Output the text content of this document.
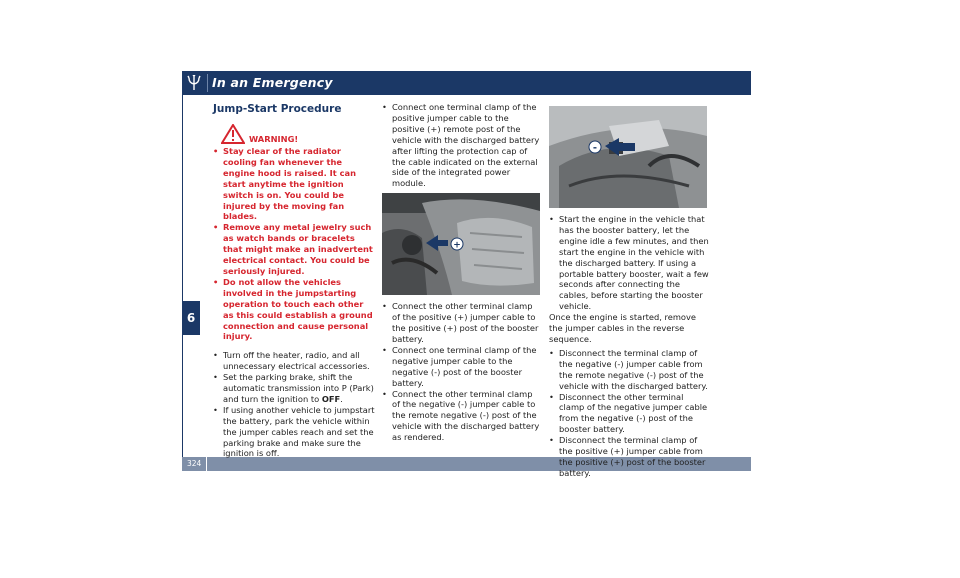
In an Emergency
6
324
Jump-Start Procedure
WARNING!
• Stay clear of the radiator cooling fan whenever the engine hood is raised. It can start anytime the ignition switch is on. You could be injured by the moving fan blades.
• Remove any metal jewelry such as watch bands or bracelets that might make an inadvertent electrical contact. You could be seriously injured.
• Do not allow the vehicles involved in the jumpstarting operation to touch each other as this could establish a ground connection and cause personal injury.
• Turn off the heater, radio, and all unnecessary electrical accessories.
• Set the parking brake, shift the automatic transmission into P (Park) and turn the ignition to OFF.
• If using another vehicle to jumpstart the battery, park the vehicle within the jumper cables reach and set the parking brake and make sure the ignition is off.
• Connect one terminal clamp of the positive jumper cable to the positive (+) remote post of the vehicle with the discharged battery after lifting the protection cap of the cable indicated on the external side of the integrated power module.
+
• Connect the other terminal clamp of the positive (+) jumper cable to the positive (+) post of the booster battery.
• Connect one terminal clamp of the negative jumper cable to the negative (-) post of the booster battery.
• Connect the other terminal clamp of the negative (-) jumper cable to the remote negative (-) post of the vehicle with the discharged battery as rendered.
-
• Start the engine in the vehicle that has the booster battery, let the engine idle a few minutes, and then start the engine in the vehicle with the discharged battery. If using a portable battery booster, wait a few seconds after connecting the cables, before starting the booster vehicle.

Once the engine is started, remove the jumper cables in the reverse sequence.

• Disconnect the terminal clamp of the negative (-) jumper cable from the remote negative (-) post of the vehicle with the discharged battery.
• Disconnect the other terminal clamp of the negative jumper cable from the negative (-) post of the booster battery.
• Disconnect the terminal clamp of the positive (+) jumper cable from the positive (+) post of the booster battery.
